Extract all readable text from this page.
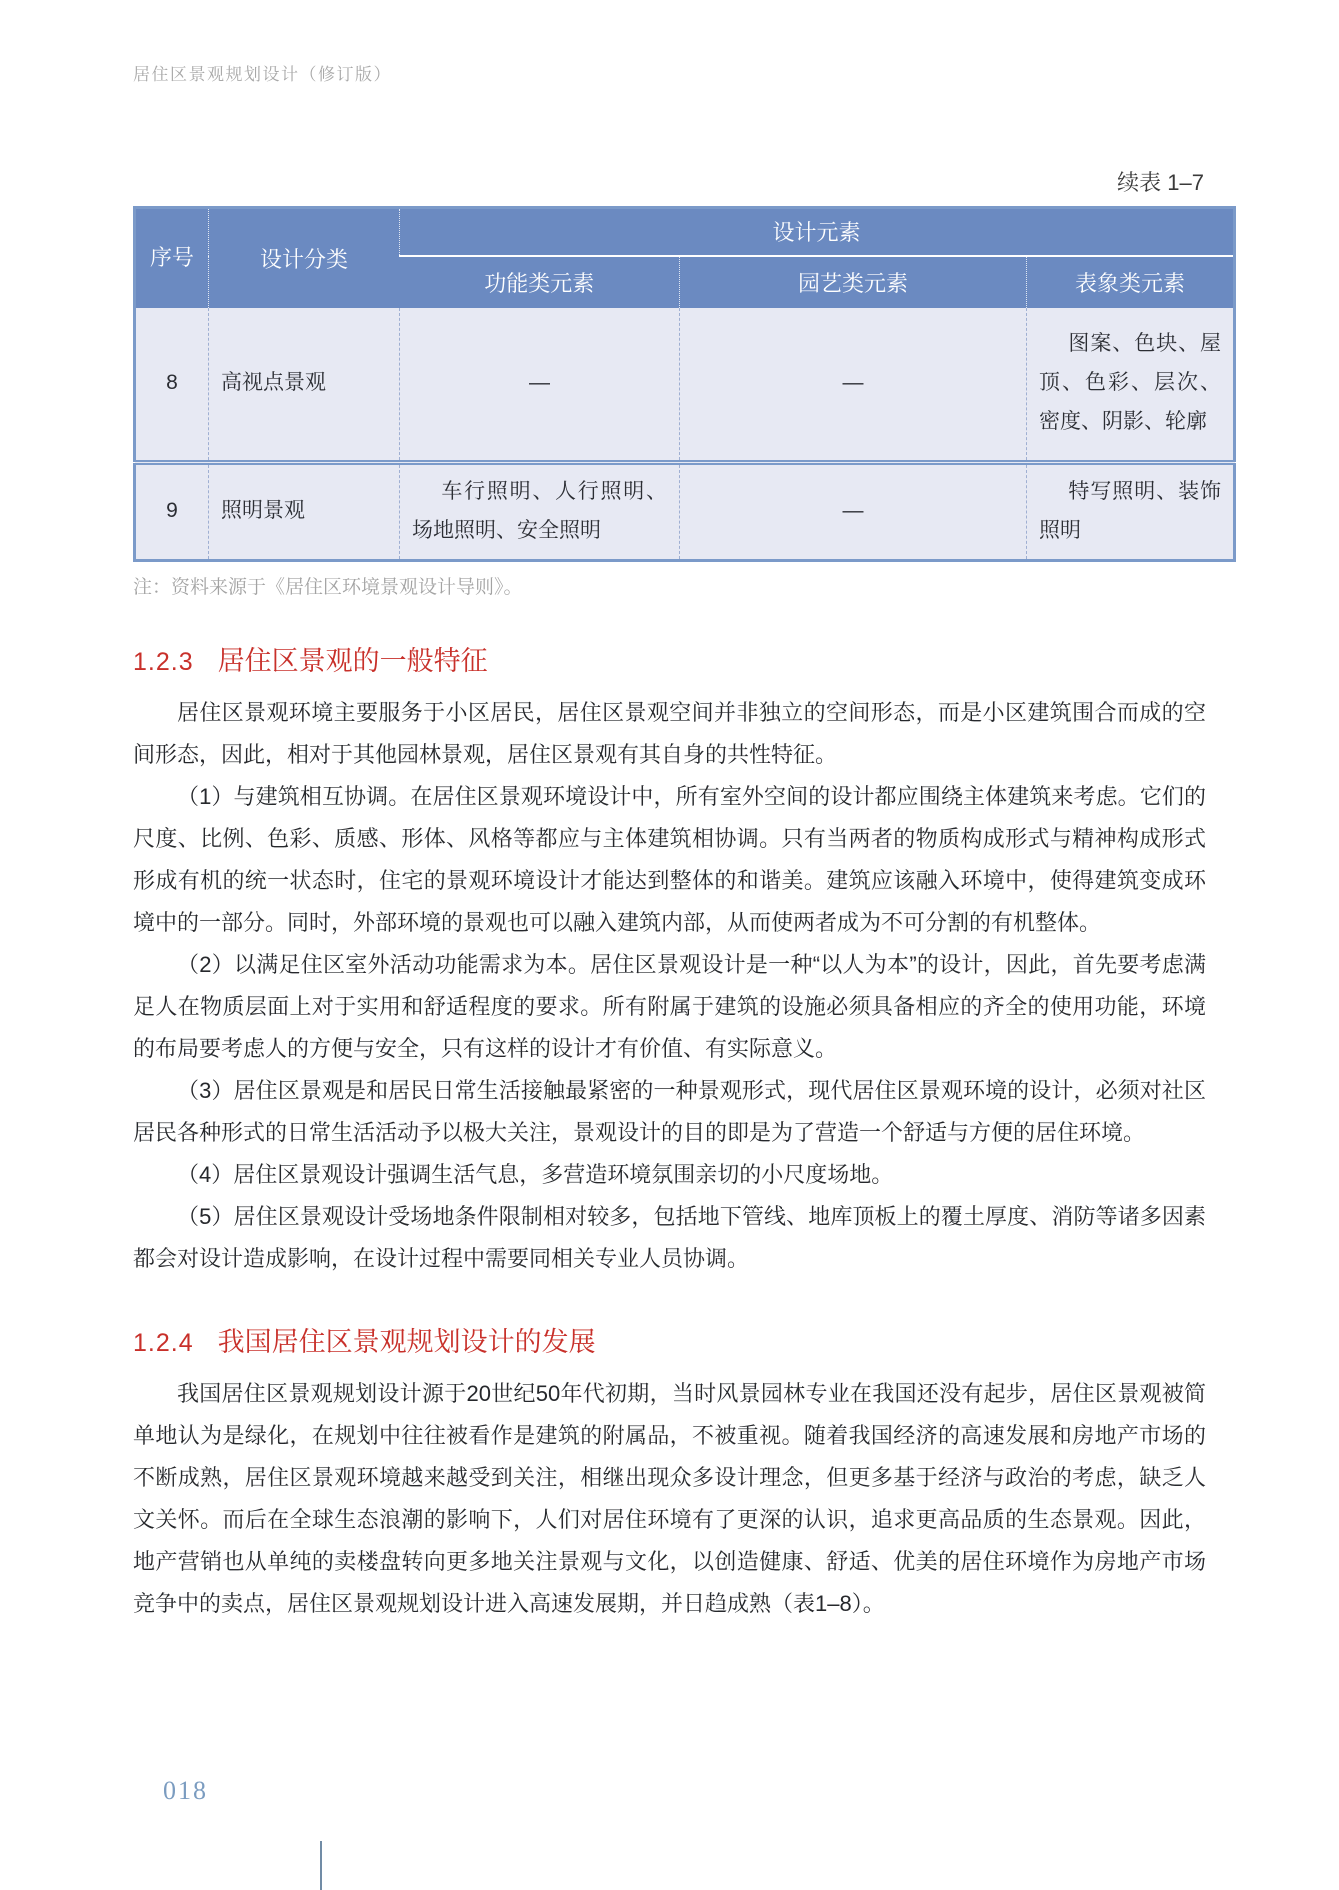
居住区景观规划设计（修订版）
续表 1–7
序号	设计分类	设计元素		
		功能类元素	园艺类元素	表象类元素
8	高视点景观	—	—	图案、色块、屋顶、色彩、层次、密度、阴影、轮廓
9	照明景观	车行照明、人行照明、场地照明、安全照明	—	特写照明、装饰照明
注：资料来源于《居住区环境景观设计导则》。
1.2.3 居住区景观的一般特征

居住区景观环境主要服务于小区居民，居住区景观空间并非独立的空间形态，而是小区建筑围合而成的空间形态，因此，相对于其他园林景观，居住区景观有其自身的共性特征。

（1）与建筑相互协调。在居住区景观环境设计中，所有室外空间的设计都应围绕主体建筑来考虑。它们的尺度、比例、色彩、质感、形体、风格等都应与主体建筑相协调。只有当两者的物质构成形式与精神构成形式形成有机的统一状态时，住宅的景观环境设计才能达到整体的和谐美。建筑应该融入环境中，使得建筑变成环境中的一部分。同时，外部环境的景观也可以融入建筑内部，从而使两者成为不可分割的有机整体。

（2）以满足住区室外活动功能需求为本。居住区景观设计是一种“以人为本”的设计，因此，首先要考虑满足人在物质层面上对于实用和舒适程度的要求。所有附属于建筑的设施必须具备相应的齐全的使用功能，环境的布局要考虑人的方便与安全，只有这样的设计才有价值、有实际意义。

（3）居住区景观是和居民日常生活接触最紧密的一种景观形式，现代居住区景观环境的设计，必须对社区居民各种形式的日常生活活动予以极大关注，景观设计的目的即是为了营造一个舒适与方便的居住环境。

（4）居住区景观设计强调生活气息，多营造环境氛围亲切的小尺度场地。

（5）居住区景观设计受场地条件限制相对较多，包括地下管线、地库顶板上的覆土厚度、消防等诸多因素都会对设计造成影响，在设计过程中需要同相关专业人员协调。

1.2.4 我国居住区景观规划设计的发展

我国居住区景观规划设计源于20世纪50年代初期，当时风景园林专业在我国还没有起步，居住区景观被简单地认为是绿化，在规划中往往被看作是建筑的附属品，不被重视。随着我国经济的高速发展和房地产市场的不断成熟，居住区景观环境越来越受到关注，相继出现众多设计理念，但更多基于经济与政治的考虑，缺乏人文关怀。而后在全球生态浪潮的影响下，人们对居住环境有了更深的认识，追求更高品质的生态景观。因此，地产营销也从单纯的卖楼盘转向更多地关注景观与文化，以创造健康、舒适、优美的居住环境作为房地产市场竞争中的卖点，居住区景观规划设计进入高速发展期，并日趋成熟（表1–8）。

018
